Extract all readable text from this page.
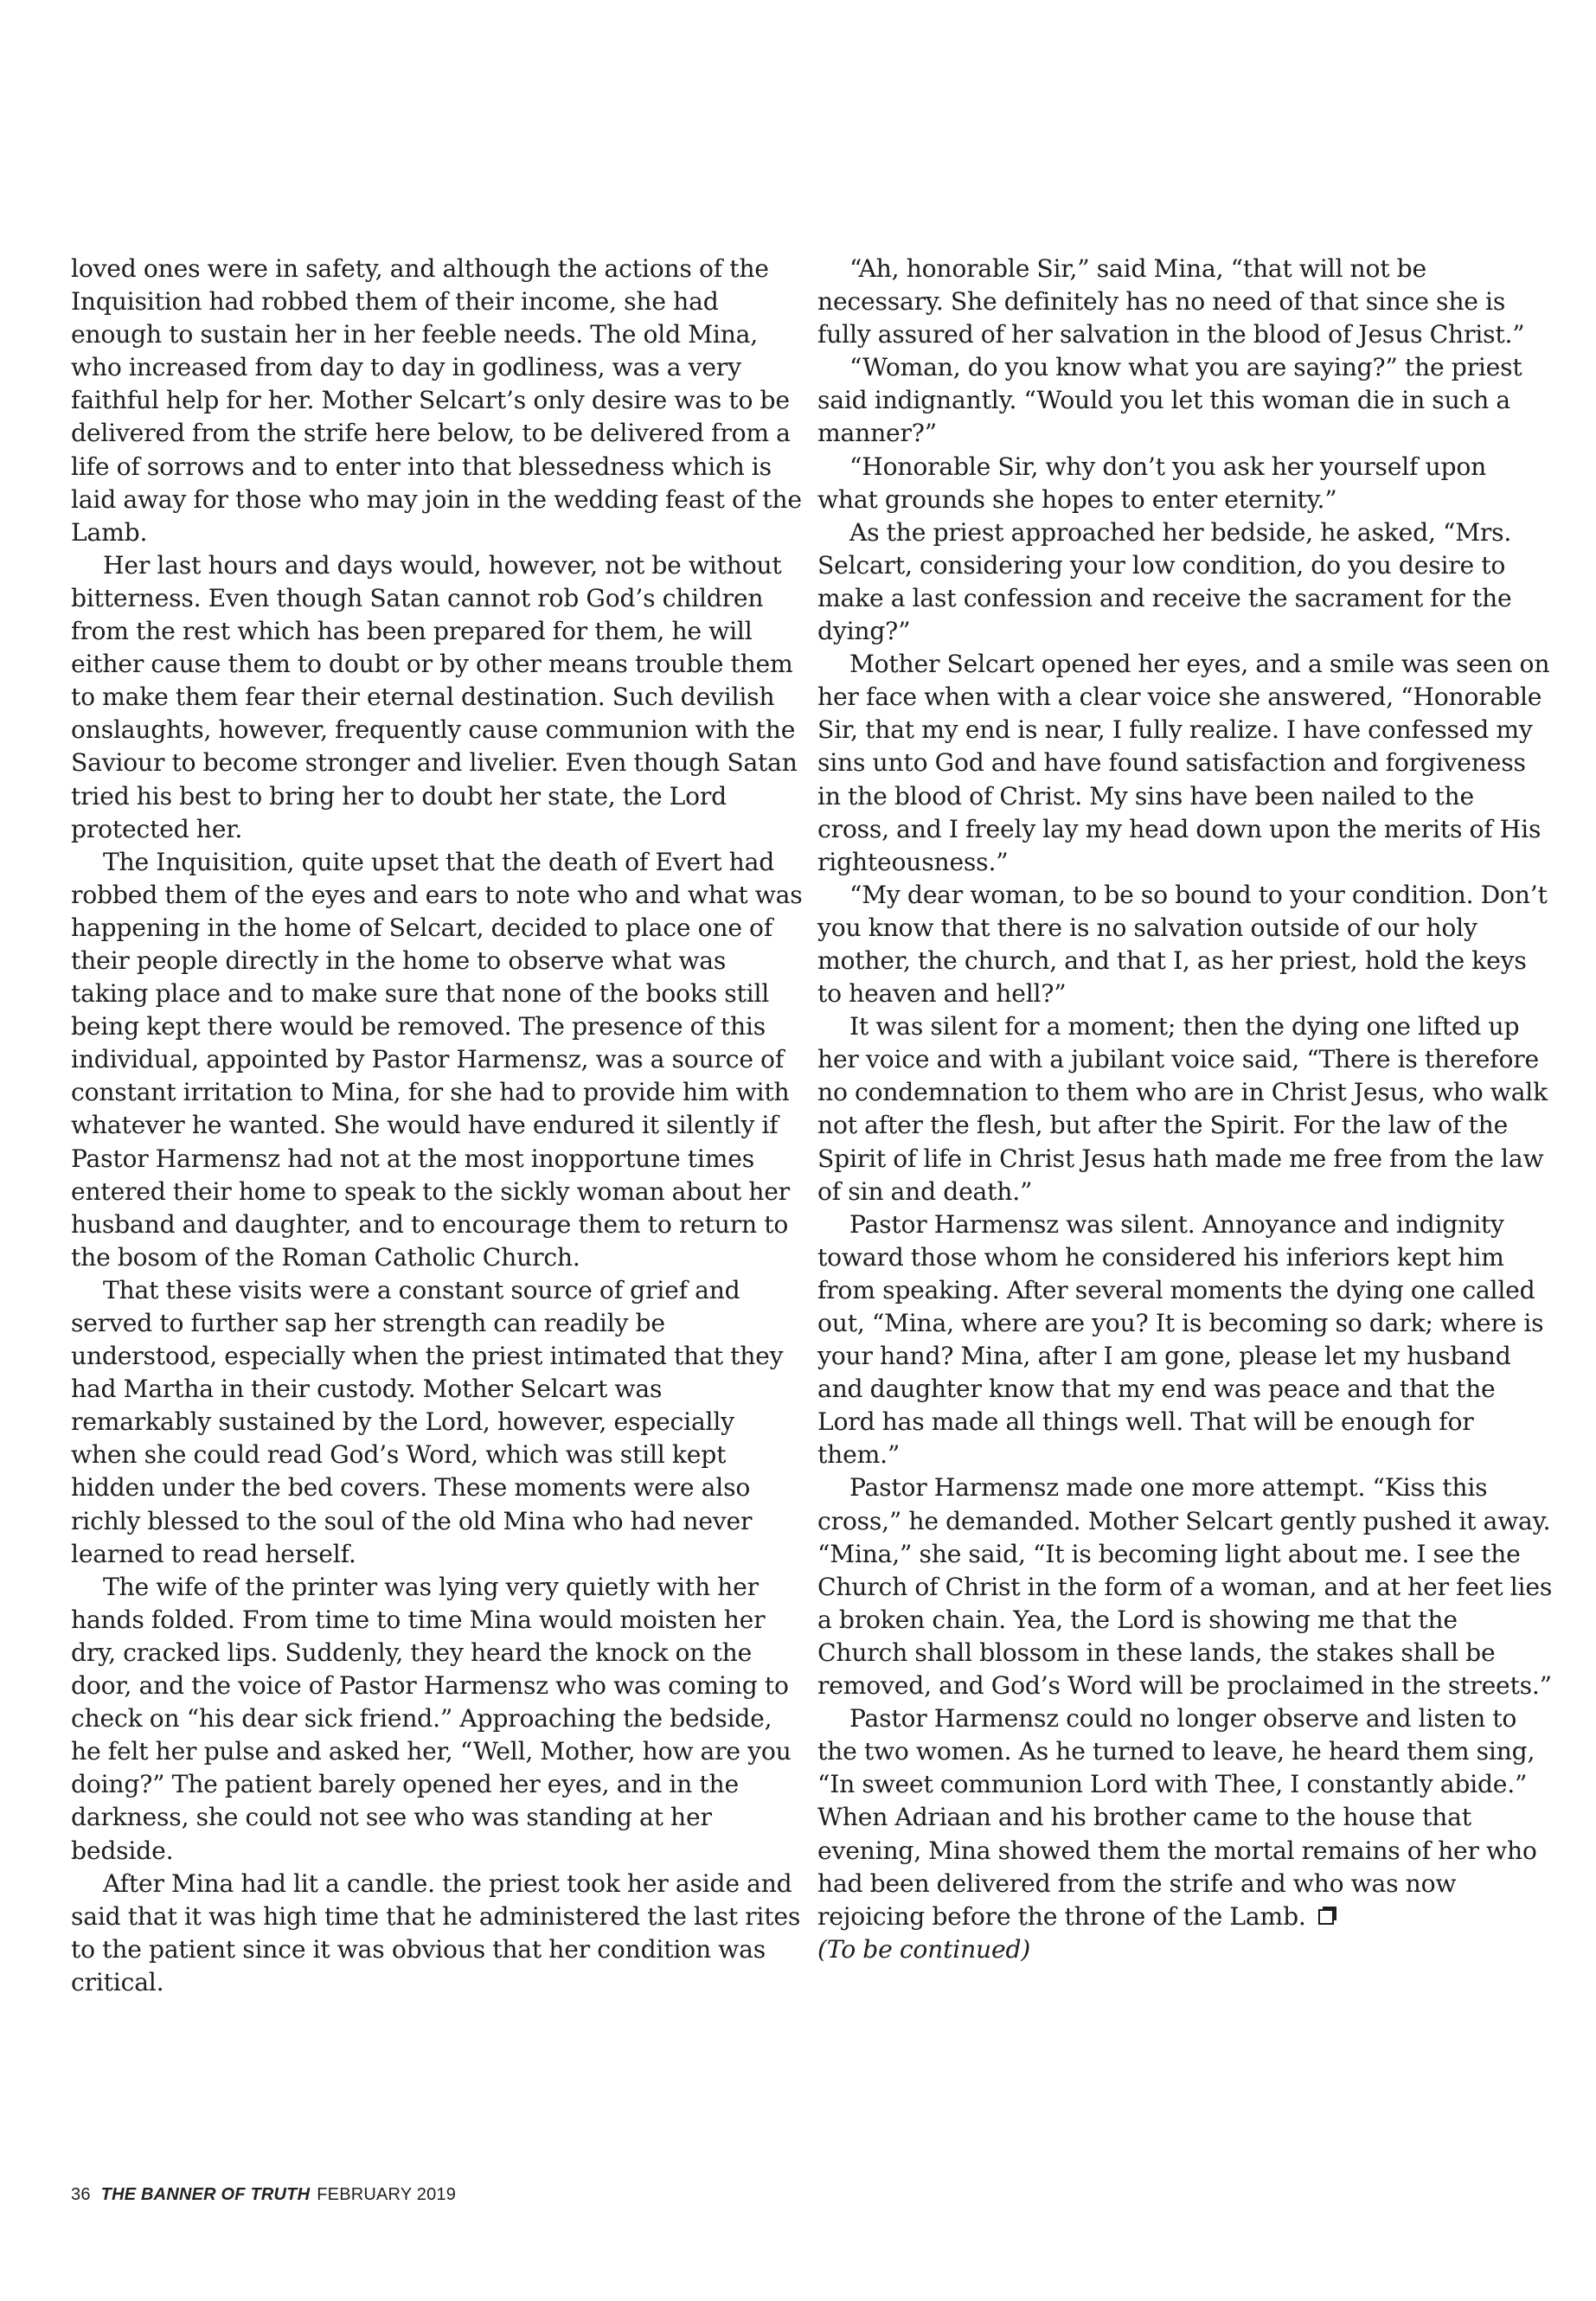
loved ones were in safety, and although the actions of the Inquisition had robbed them of their income, she had enough to sustain her in her feeble needs. The old Mina, who increased from day to day in godliness, was a very faithful help for her. Mother Selcart’s only desire was to be delivered from the strife here below, to be delivered from a life of sorrows and to enter into that blessedness which is laid away for those who may join in the wedding feast of the Lamb.

Her last hours and days would, however, not be without bitterness. Even though Satan cannot rob God’s children from the rest which has been prepared for them, he will either cause them to doubt or by other means trouble them to make them fear their eternal destination. Such devilish onslaughts, however, frequently cause communion with the Saviour to become stronger and livelier. Even though Satan tried his best to bring her to doubt her state, the Lord protected her.

The Inquisition, quite upset that the death of Evert had robbed them of the eyes and ears to note who and what was happening in the home of Selcart, decided to place one of their people directly in the home to observe what was taking place and to make sure that none of the books still being kept there would be removed. The presence of this individual, appointed by Pastor Harmensz, was a source of constant irritation to Mina, for she had to provide him with whatever he wanted. She would have endured it silently if Pastor Harmensz had not at the most inopportune times entered their home to speak to the sickly woman about her husband and daughter, and to encourage them to return to the bosom of the Roman Catholic Church.

That these visits were a constant source of grief and served to further sap her strength can readily be understood, especially when the priest intimated that they had Martha in their custody. Mother Selcart was remarkably sustained by the Lord, however, especially when she could read God’s Word, which was still kept hidden under the bed covers. These moments were also richly blessed to the soul of the old Mina who had never learned to read herself.

The wife of the printer was lying very quietly with her hands folded. From time to time Mina would moisten her dry, cracked lips. Suddenly, they heard the knock on the door, and the voice of Pastor Harmensz who was coming to check on “his dear sick friend.” Approaching the bedside, he felt her pulse and asked her, “Well, Mother, how are you doing?” The patient barely opened her eyes, and in the darkness, she could not see who was standing at her bedside.

After Mina had lit a candle. the priest took her aside and said that it was high time that he administered the last rites to the patient since it was obvious that her condition was critical.

“Ah, honorable Sir,” said Mina, “that will not be necessary. She definitely has no need of that since she is fully assured of her salvation in the blood of Jesus Christ.”

“Woman, do you know what you are saying?” the priest said indignantly. “Would you let this woman die in such a manner?”

“Honorable Sir, why don’t you ask her yourself upon what grounds she hopes to enter eternity.”

As the priest approached her bedside, he asked, “Mrs. Selcart, considering your low condition, do you desire to make a last confession and receive the sacrament for the dying?”

Mother Selcart opened her eyes, and a smile was seen on her face when with a clear voice she answered, “Honorable Sir, that my end is near, I fully realize. I have confessed my sins unto God and have found satisfaction and forgiveness in the blood of Christ. My sins have been nailed to the cross, and I freely lay my head down upon the merits of His righteousness.”

“My dear woman, to be so bound to your condition. Don’t you know that there is no salvation outside of our holy mother, the church, and that I, as her priest, hold the keys to heaven and hell?”

It was silent for a moment; then the dying one lifted up her voice and with a jubilant voice said, “There is therefore no condemnation to them who are in Christ Jesus, who walk not after the flesh, but after the Spirit. For the law of the Spirit of life in Christ Jesus hath made me free from the law of sin and death.”

Pastor Harmensz was silent. Annoyance and indignity toward those whom he considered his inferiors kept him from speaking. After several moments the dying one called out, “Mina, where are you? It is becoming so dark; where is your hand? Mina, after I am gone, please let my husband and daughter know that my end was peace and that the Lord has made all things well. That will be enough for them.”

Pastor Harmensz made one more attempt. “Kiss this cross,” he demanded. Mother Selcart gently pushed it away. “Mina,” she said, “It is becoming light about me. I see the Church of Christ in the form of a woman, and at her feet lies a broken chain. Yea, the Lord is showing me that the Church shall blossom in these lands, the stakes shall be removed, and God’s Word will be proclaimed in the streets.”

Pastor Harmensz could no longer observe and listen to the two women. As he turned to leave, he heard them sing, “In sweet communion Lord with Thee, I constantly abide.” When Adriaan and his brother came to the house that evening, Mina showed them the mortal remains of her who had been delivered from the strife and who was now rejoicing before the throne of the Lamb.

(To be continued)

36 THE BANNER OF TRUTH FEBRUARY 2019
